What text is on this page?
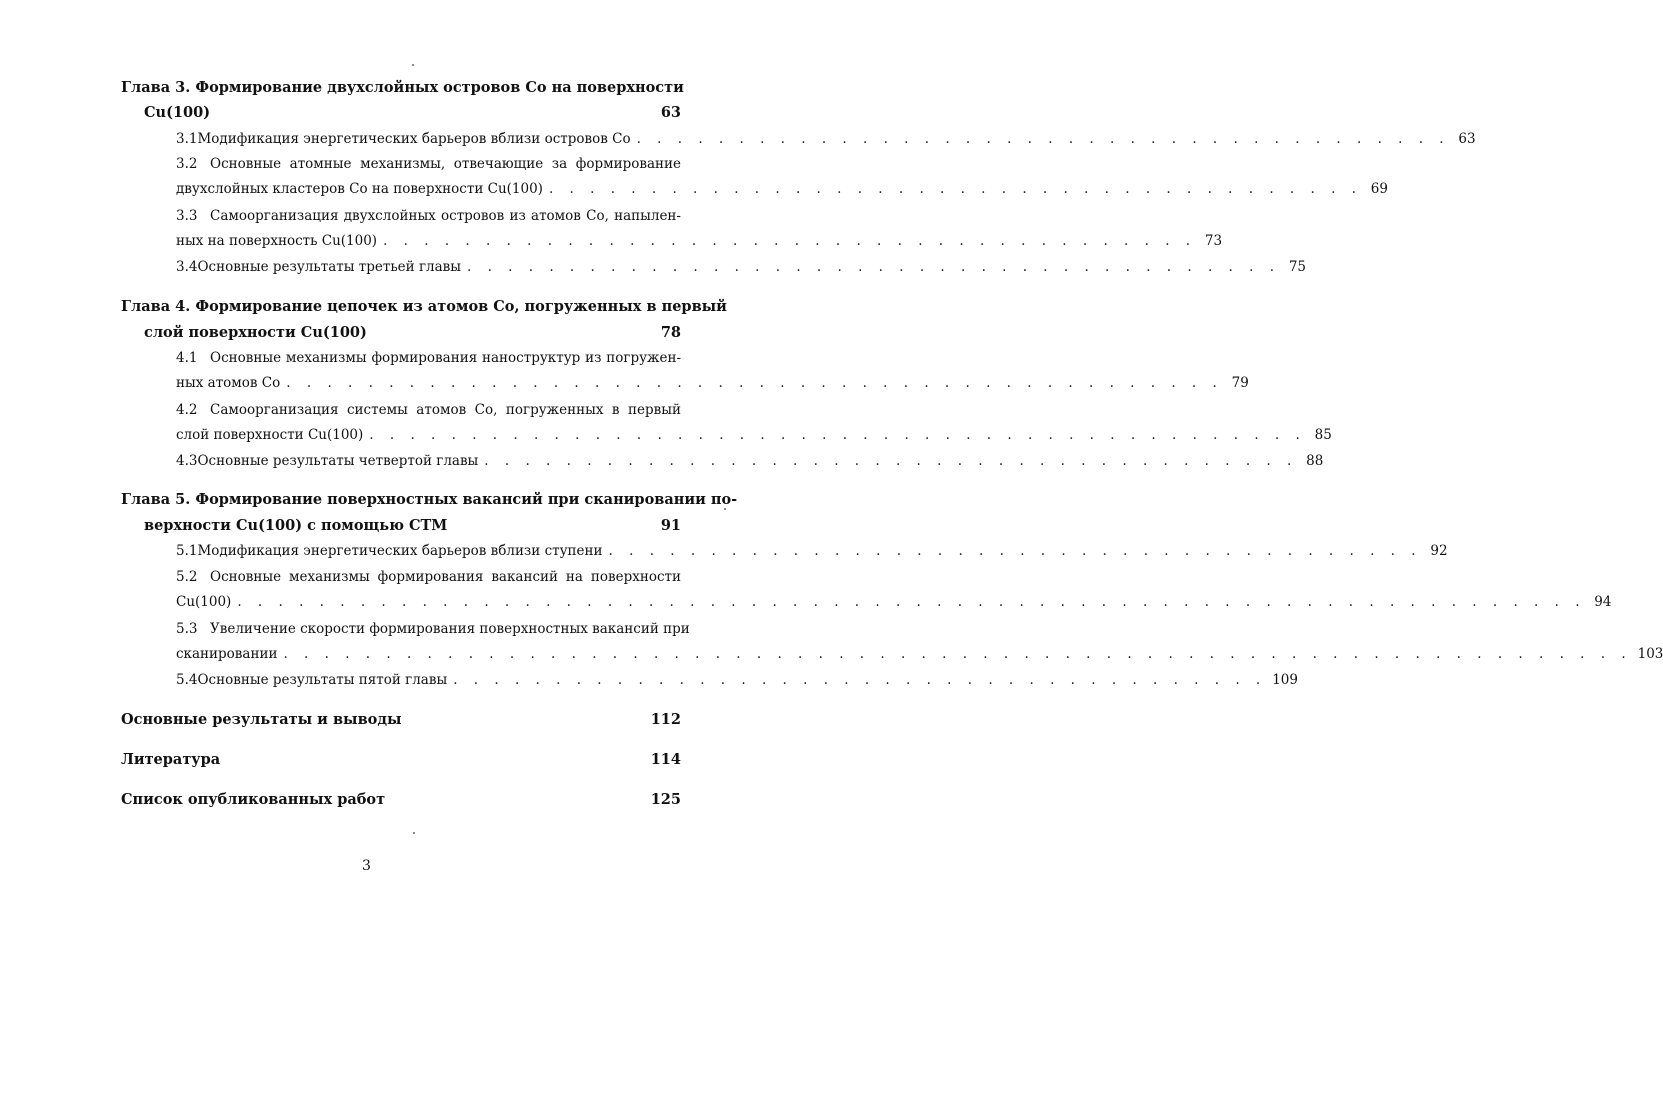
Глава 3. Формирование двухслойных островов Со на поверхности
Cu(100)	63
3.1 Модификация энергетических барьеров вблизи островов Со . . . . . . . . . . . . . . . . . . . . . . . . . . . . . . . . . . . . . . . . 63
3.2 Основные атомные механизмы, отвечающие за формирование
двухслойных кластеров Со на поверхности Cu(100) . . . . . . . . . . . . . . . . . . . . . . . . . . . . . . . . . . . . . . . . 69
3.3 Самоорганизация двухслойных островов из атомов Со, напылен-
ных на поверхность Cu(100) . . . . . . . . . . . . . . . . . . . . . . . . . . . . . . . . . . . . . . . . 73
3.4 Основные результаты третьей главы . . . . . . . . . . . . . . . . . . . . . . . . . . . . . . . . . . . . . . . . 75
Глава 4. Формирование цепочек из атомов Со, погруженных в первый
слой поверхности Cu(100)	78
4.1 Основные механизмы формирования наноструктур из погружен-
ных атомов Со . . . . . . . . . . . . . . . . . . . . . . . . . . . . . . . . . . . . . . . . . . . . . . 79
4.2 Самоорганизация системы атомов Со, погруженных в первый
слой поверхности Cu(100) . . . . . . . . . . . . . . . . . . . . . . . . . . . . . . . . . . . . . . . . . . . . . . 85
4.3 Основные результаты четвертой главы . . . . . . . . . . . . . . . . . . . . . . . . . . . . . . . . . . . . . . . . 88
Глава 5. Формирование поверхностных вакансий при сканировании по-
верхности Cu(100) с помощью СТМ	91
5.1 Модификация энергетических барьеров вблизи ступени . . . . . . . . . . . . . . . . . . . . . . . . . . . . . . . . . . . . . . . . 92
5.2 Основные механизмы формирования вакансий на поверхности
Cu(100) . . . . . . . . . . . . . . . . . . . . . . . . . . . . . . . . . . . . . . . . . . . . . . . . . . . . . . . . . . . . . . . . . . 94
5.3 Увеличение скорости формирования поверхностных вакансий при
сканировании . . . . . . . . . . . . . . . . . . . . . . . . . . . . . . . . . . . . . . . . . . . . . . . . . . . . . . . . . . . . . . . . . . 103
5.4 Основные результаты пятой главы . . . . . . . . . . . . . . . . . . . . . . . . . . . . . . . . . . . . . . . . 109
Основные результаты и выводы	112
Литература	114
Список опубликованных работ	125
3
